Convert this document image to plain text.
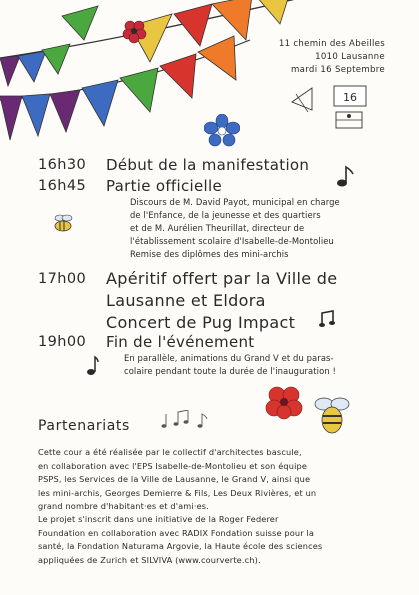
11 chemin des Abeilles
1010 Lausanne
mardi 16 Septembre
16
16h30 Début de la manifestation
16h45 Partie officielle
Discours de M. David Payot, municipal en charge
de l'Enfance, de la jeunesse et des quartiers
et de M. Aurélien Theurillat, directeur de
l'établissement scolaire d'Isabelle-de-Montolieu
Remise des diplômes des mini-archis
17h00 Apéritif offert par la Ville de
Lausanne et Eldora
Concert de Pug Impact
19h00 Fin de l'événement
En parallèle, animations du Grand V et du paras-
colaire pendant toute la durée de l'inauguration !
Partenariats
Cette cour a été réalisée par le collectif d'architectes bascule,
en collaboration avec l'EPS Isabelle-de-Montolieu et son équipe
PSPS, les Services de la Ville de Lausanne, le Grand V, ainsi que
les mini-archis, Georges Demierre & Fils, Les Deux Rivières, et un
grand nombre d'habitant·es et d'ami·es.
Le projet s'inscrit dans une initiative de la Roger Federer
Foundation en collaboration avec RADIX Fondation suisse pour la
santé, la Fondation Naturama Argovie, la Haute école des sciences
appliquées de Zurich et SILVIVA (www.courverte.ch).
